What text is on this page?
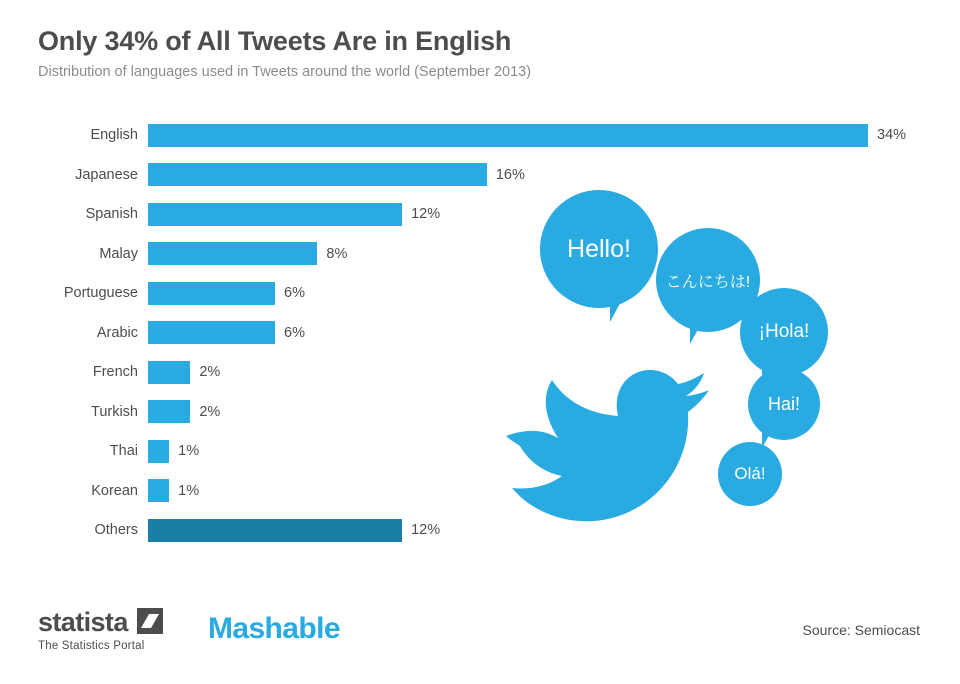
Only 34% of All Tweets Are in English

Distribution of languages used in Tweets around the world (September 2013)

English	34%
Japanese	16%
Spanish	12%
Malay	8%
Portuguese	6%
Arabic	6%
French	2%
Turkish	2%
Thai	1%
Korean	1%
Others	12%
Hello!
こんにちは!
¡Hola!
Hai!
Olá!
statista
The Statistics Portal
Mashable	Source: Semiocast
